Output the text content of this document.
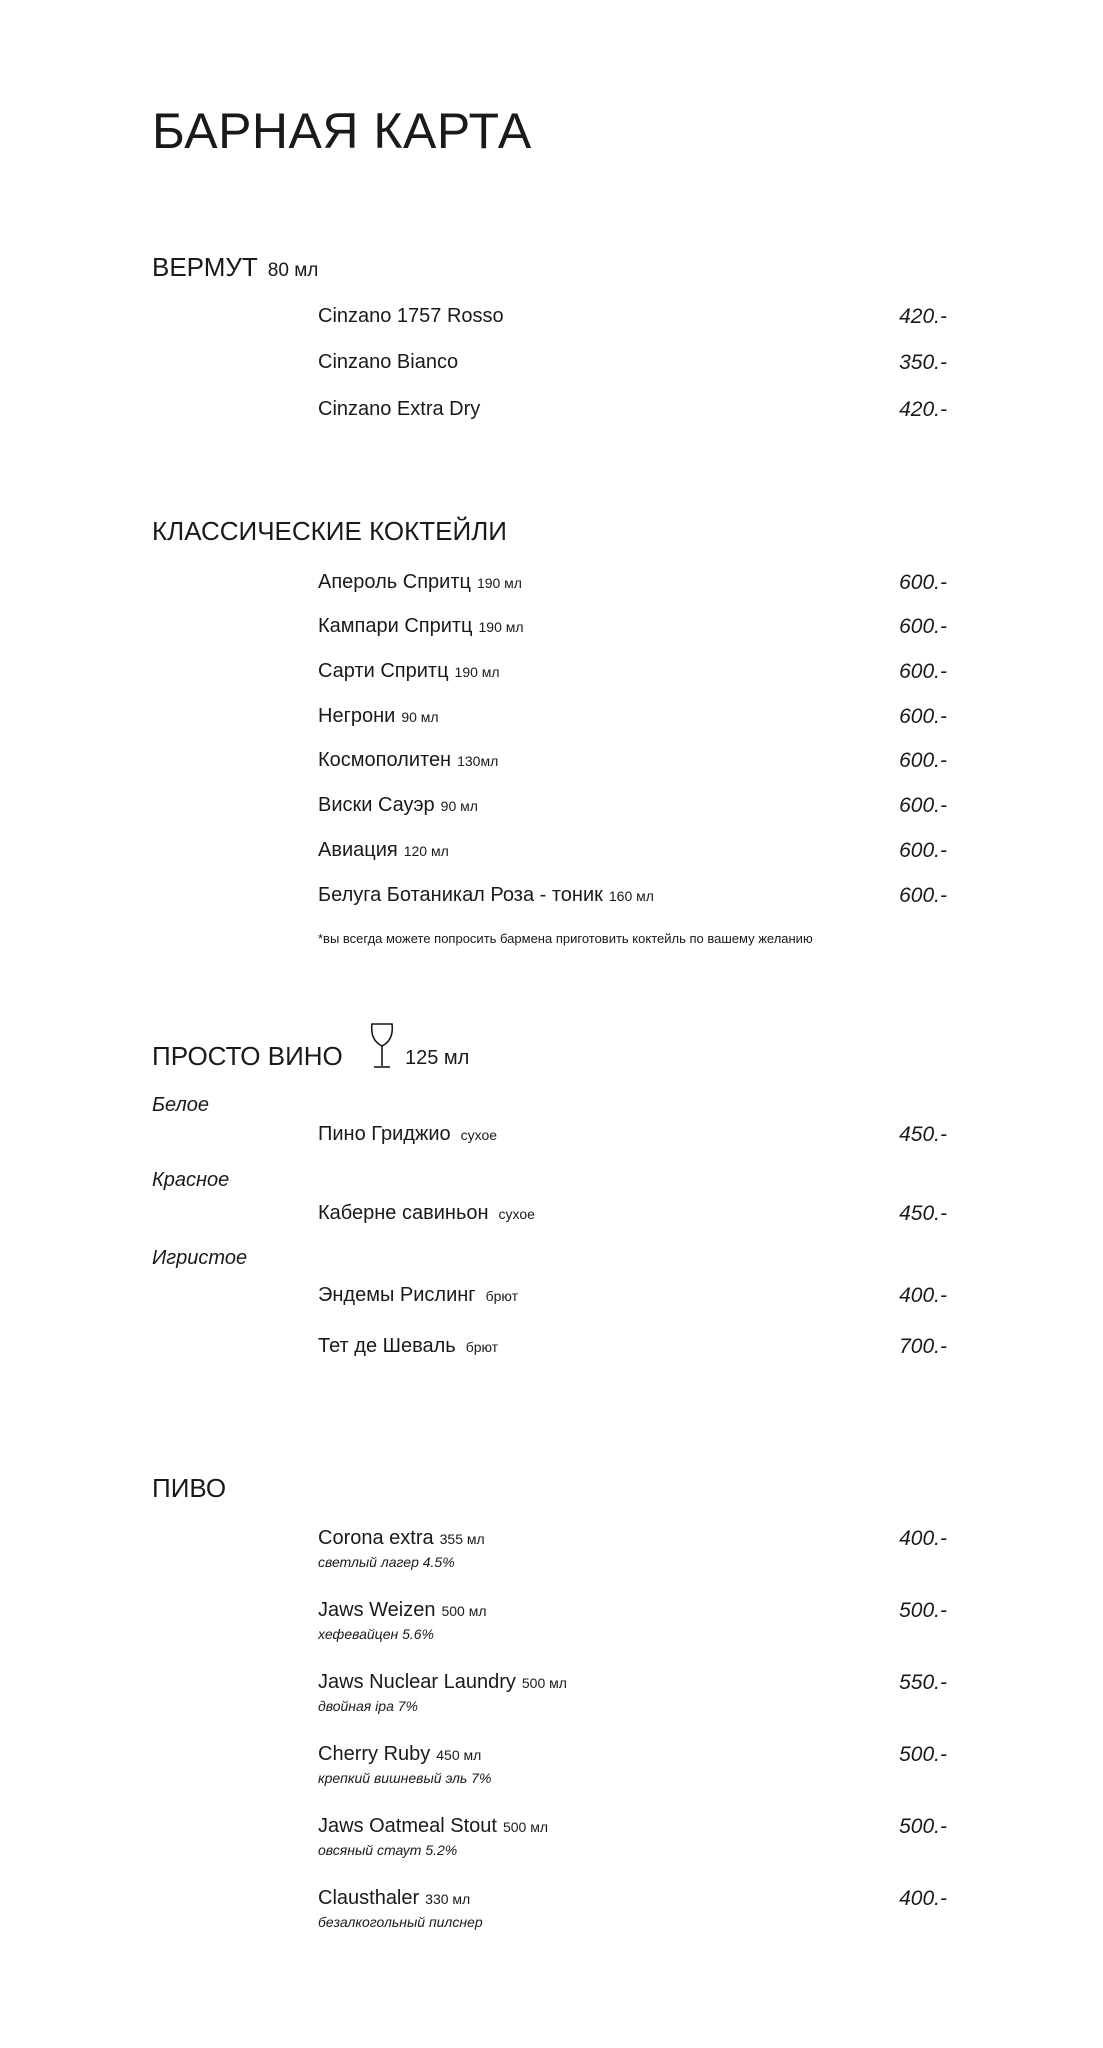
БАРНАЯ КАРТА
ВЕРМУТ 80 мл
Cinzano 1757 Rosso	420.-
Cinzano Bianco	350.-
Cinzano Extra Dry	420.-
КЛАССИЧЕСКИЕ КОКТЕЙЛИ
Апероль Спритц 190 мл	600.-
Кампари Спритц 190 мл	600.-
Сарти Спритц 190 мл	600.-
Негрони 90 мл	600.-
Космополитен 130мл	600.-
Виски Сауэр 90 мл	600.-
Авиация 120 мл	600.-
Белуга Ботаникал Роза - тоник 160 мл	600.-
*вы всегда можете попросить бармена приготовить коктейль по вашему желанию
ПРОСТО ВИНО	125 мл
Белое
Пино Гриджио сухое	450.-
Красное
Каберне савиньон сухое	450.-
Игристое
Эндемы Рислинг брют	400.-
Тет де Шеваль брют	700.-
ПИВО
Corona extra 355 мл	400.-
светлый лагер 4.5%
Jaws Weizen 500 мл	500.-
хефевайцен 5.6%
Jaws Nuclear Laundry 500 мл	550.-
двойная ipa 7%
Cherry Ruby 450 мл	500.-
крепкий вишневый эль 7%
Jaws Oatmeal Stout 500 мл	500.-
овсяный стаут 5.2%
Clausthaler 330 мл	400.-
безалкогольный пилснер
